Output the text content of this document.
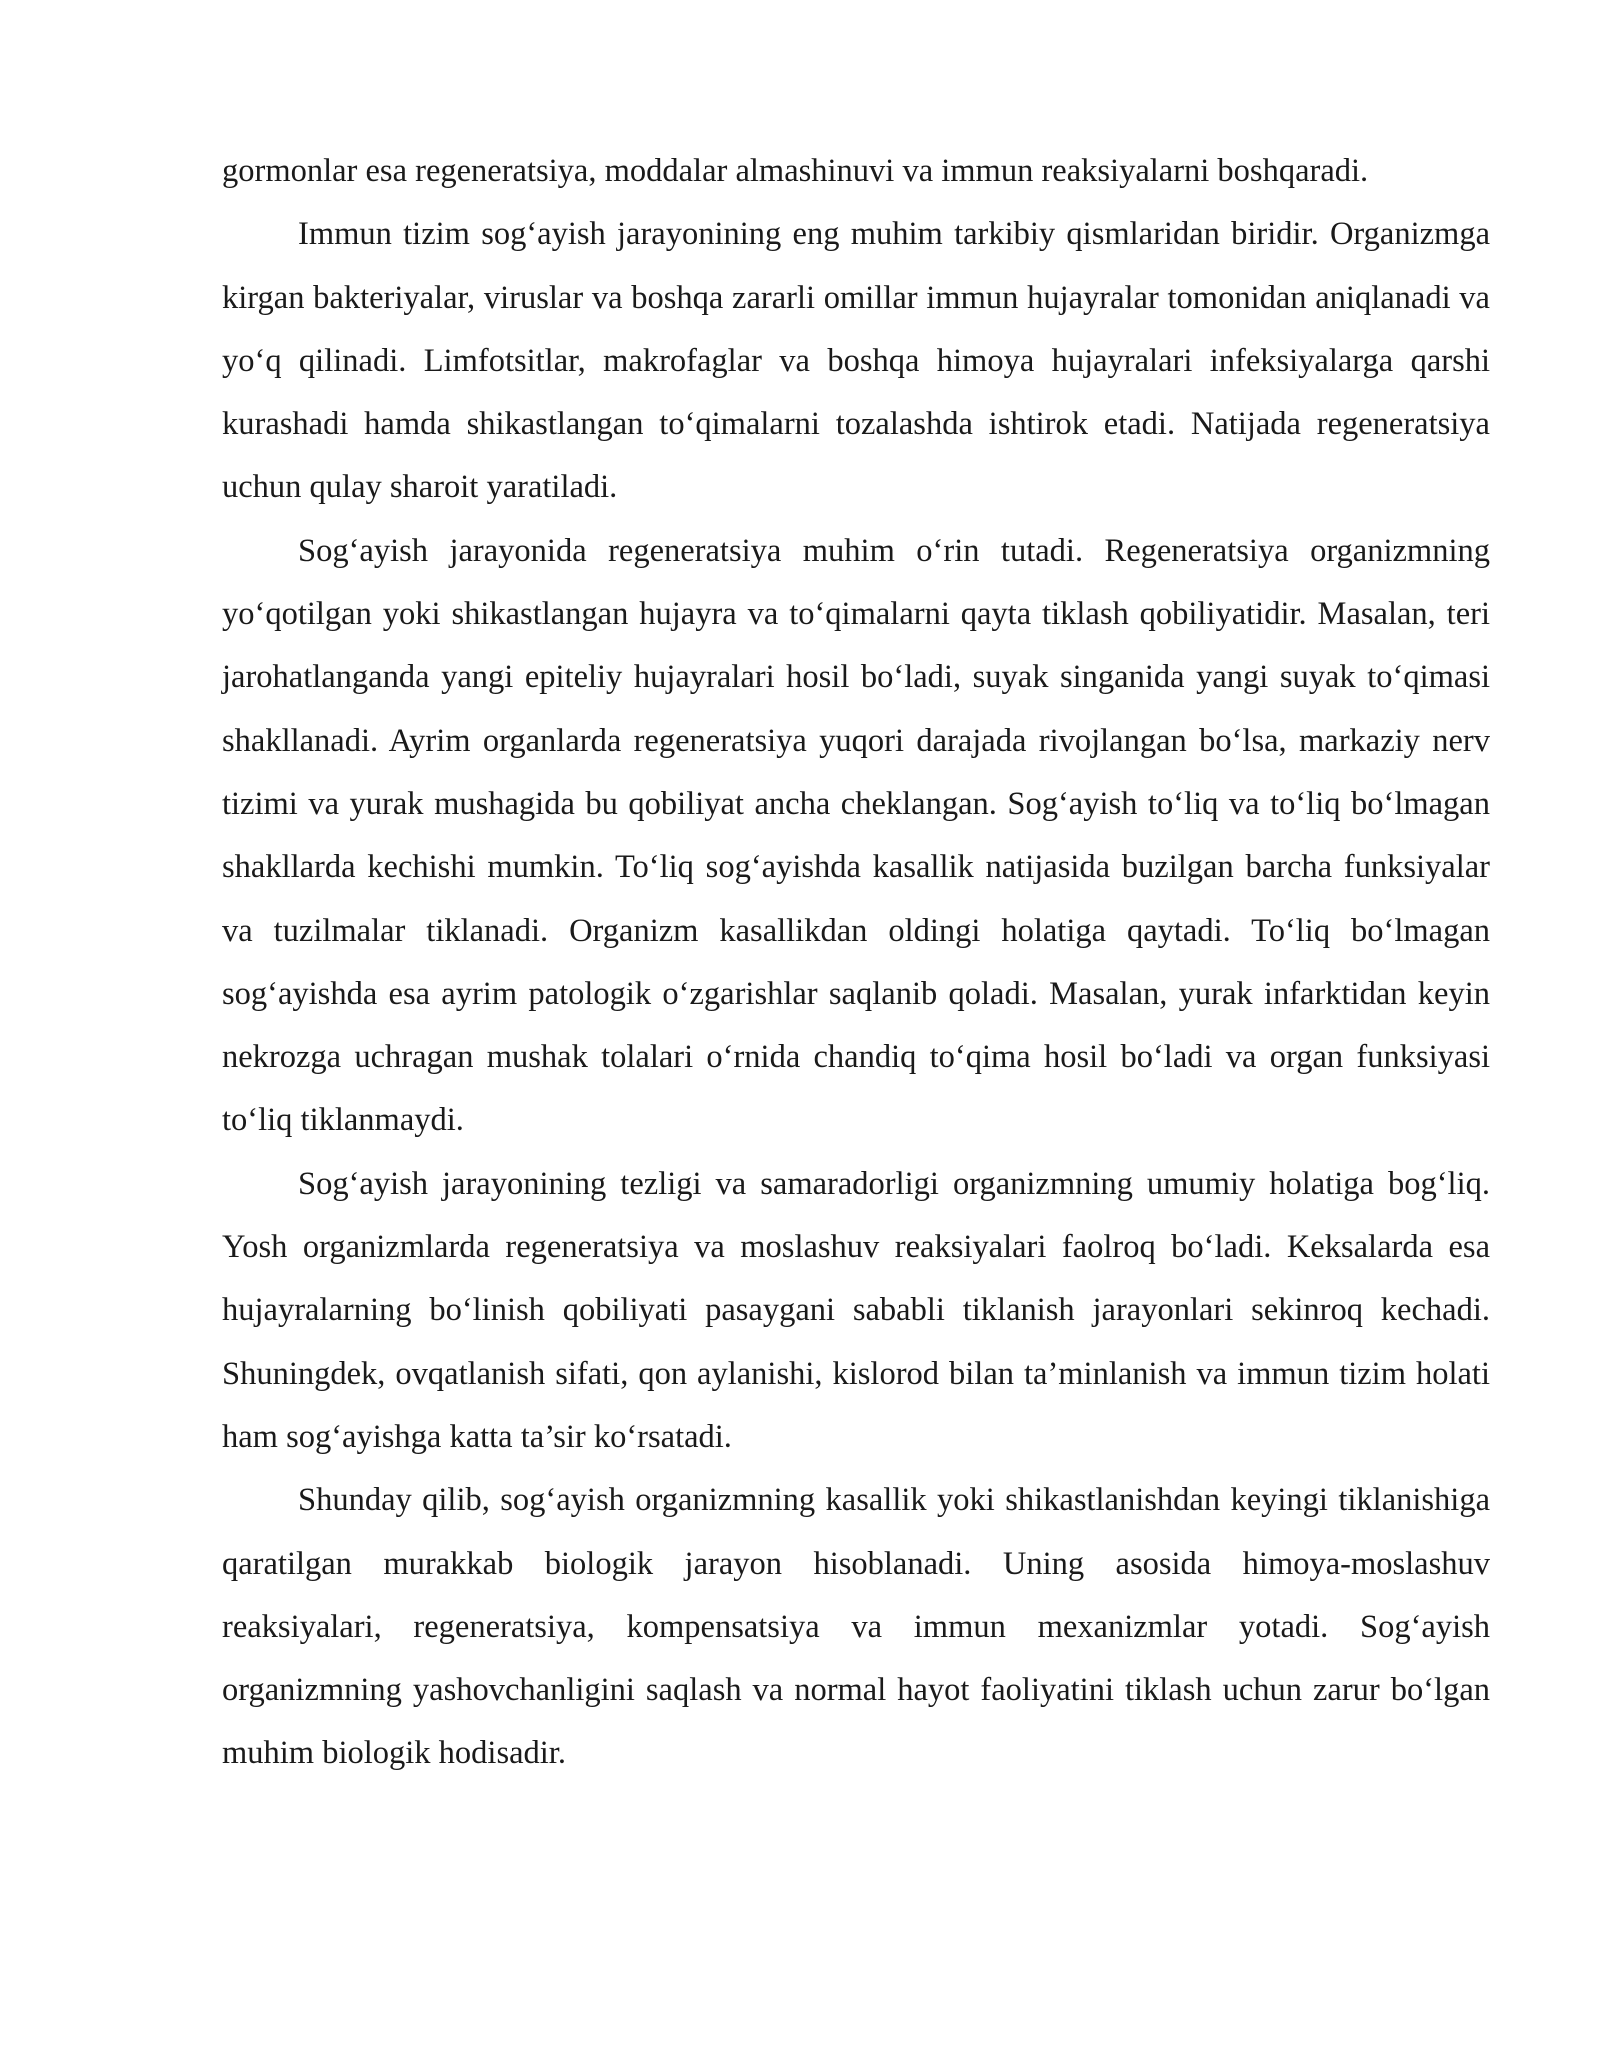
gormonlar esa regeneratsiya, moddalar almashinuvi va immun reaksiyalarni boshqaradi.

Immun tizim sog‘ayish jarayonining eng muhim tarkibiy qismlaridan biridir. Organizmga kirgan bakteriyalar, viruslar va boshqa zararli omillar immun hujayralar tomonidan aniqlanadi va yo‘q qilinadi. Limfotsitlar, makrofaglar va boshqa himoya hujayralari infeksiyalarga qarshi kurashadi hamda shikastlangan to‘qimalarni tozalashda ishtirok etadi. Natijada regeneratsiya uchun qulay sharoit yaratiladi.

Sog‘ayish jarayonida regeneratsiya muhim o‘rin tutadi. Regeneratsiya organizmning yo‘qotilgan yoki shikastlangan hujayra va to‘qimalarni qayta tiklash qobiliyatidir. Masalan, teri jarohatlanganda yangi epiteliy hujayralari hosil bo‘ladi, suyak singanida yangi suyak to‘qimasi shakllanadi. Ayrim organlarda regeneratsiya yuqori darajada rivojlangan bo‘lsa, markaziy nerv tizimi va yurak mushagida bu qobiliyat ancha cheklangan. Sog‘ayish to‘liq va to‘liq bo‘lmagan shakllarda kechishi mumkin. To‘liq sog‘ayishda kasallik natijasida buzilgan barcha funksiyalar va tuzilmalar tiklanadi. Organizm kasallikdan oldingi holatiga qaytadi. To‘liq bo‘lmagan sog‘ayishda esa ayrim patologik o‘zgarishlar saqlanib qoladi. Masalan, yurak infarktidan keyin nekrozga uchragan mushak tolalari o‘rnida chandiq to‘qima hosil bo‘ladi va organ funksiyasi to‘liq tiklanmaydi.

Sog‘ayish jarayonining tezligi va samaradorligi organizmning umumiy holatiga bog‘liq. Yosh organizmlarda regeneratsiya va moslashuv reaksiyalari faolroq bo‘ladi. Keksalarda esa hujayralarning bo‘linish qobiliyati pasaygani sababli tiklanish jarayonlari sekinroq kechadi. Shuningdek, ovqatlanish sifati, qon aylanishi, kislorod bilan ta’minlanish va immun tizim holati ham sog‘ayishga katta ta’sir ko‘rsatadi.

Shunday qilib, sog‘ayish organizmning kasallik yoki shikastlanishdan keyingi tiklanishiga qaratilgan murakkab biologik jarayon hisoblanadi. Uning asosida himoya-moslashuv reaksiyalari, regeneratsiya, kompensatsiya va immun mexanizmlar yotadi. Sog‘ayish organizmning yashovchanligini saqlash va normal hayot faoliyatini tiklash uchun zarur bo‘lgan muhim biologik hodisadir.
